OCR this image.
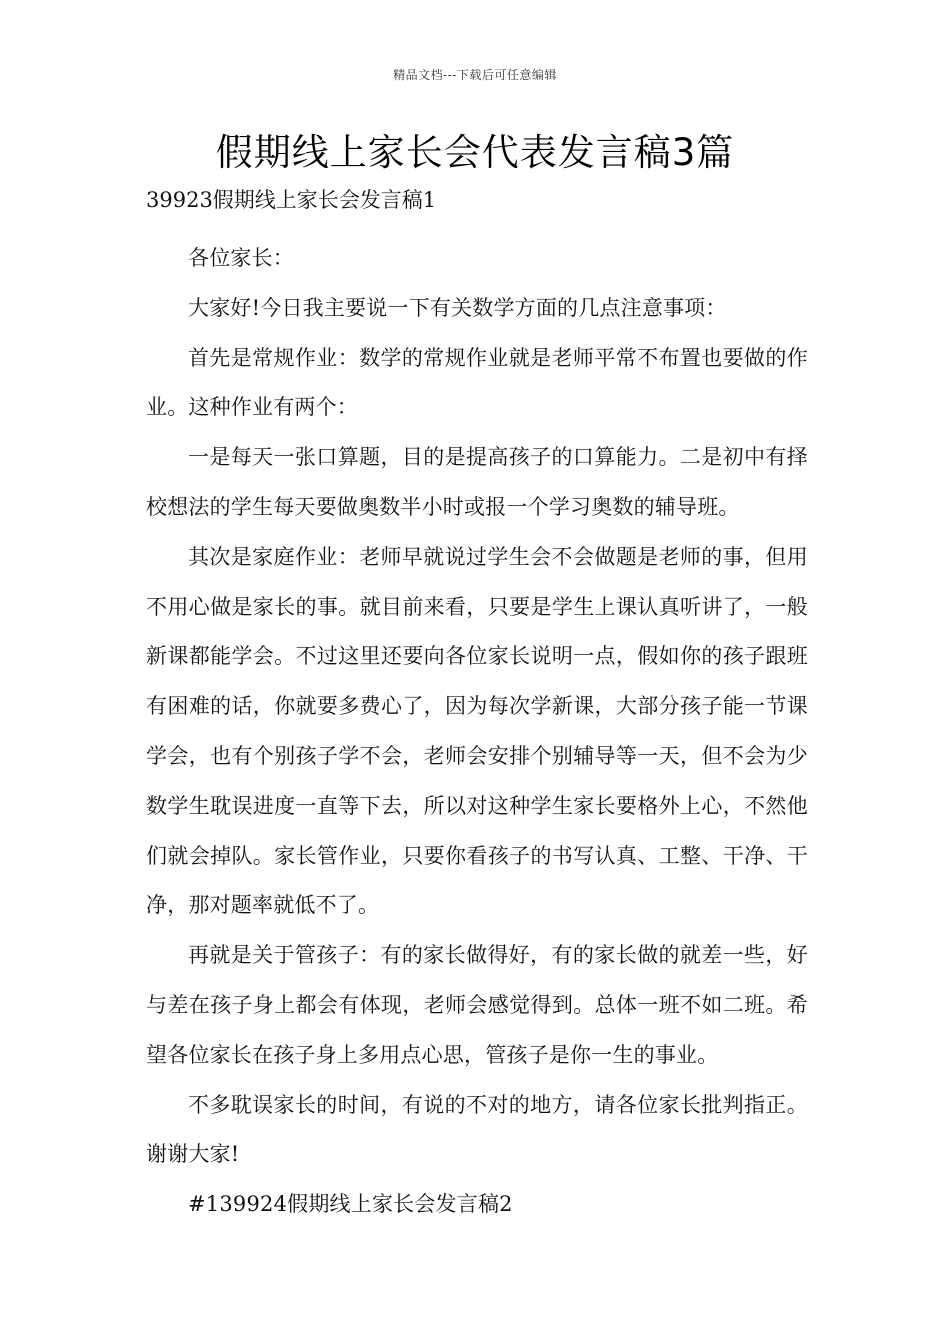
精品文档---下载后可任意编辑
假期线上家长会代表发言稿3篇
39923假期线上家长会发言稿1

各位家长：

大家好!今日我主要说一下有关数学方面的几点注意事项：

首先是常规作业：数学的常规作业就是老师平常不布置也要做的作业。这种作业有两个：

一是每天一张口算题，目的是提高孩子的口算能力。二是初中有择校想法的学生每天要做奥数半小时或报一个学习奥数的辅导班。

其次是家庭作业：老师早就说过学生会不会做题是老师的事，但用不用心做是家长的事。就目前来看，只要是学生上课认真听讲了，一般新课都能学会。不过这里还要向各位家长说明一点，假如你的孩子跟班有困难的话，你就要多费心了，因为每次学新课，大部分孩子能一节课学会，也有个别孩子学不会，老师会安排个别辅导等一天，但不会为少数学生耽误进度一直等下去，所以对这种学生家长要格外上心，不然他们就会掉队。家长管作业，只要你看孩子的书写认真、工整、干净、干净，那对题率就低不了。

再就是关于管孩子：有的家长做得好，有的家长做的就差一些，好与差在孩子身上都会有体现，老师会感觉得到。总体一班不如二班。希望各位家长在孩子身上多用点心思，管孩子是你一生的事业。

不多耽误家长的时间，有说的不对的地方，请各位家长批判指正。谢谢大家!

#139924假期线上家长会发言稿2
